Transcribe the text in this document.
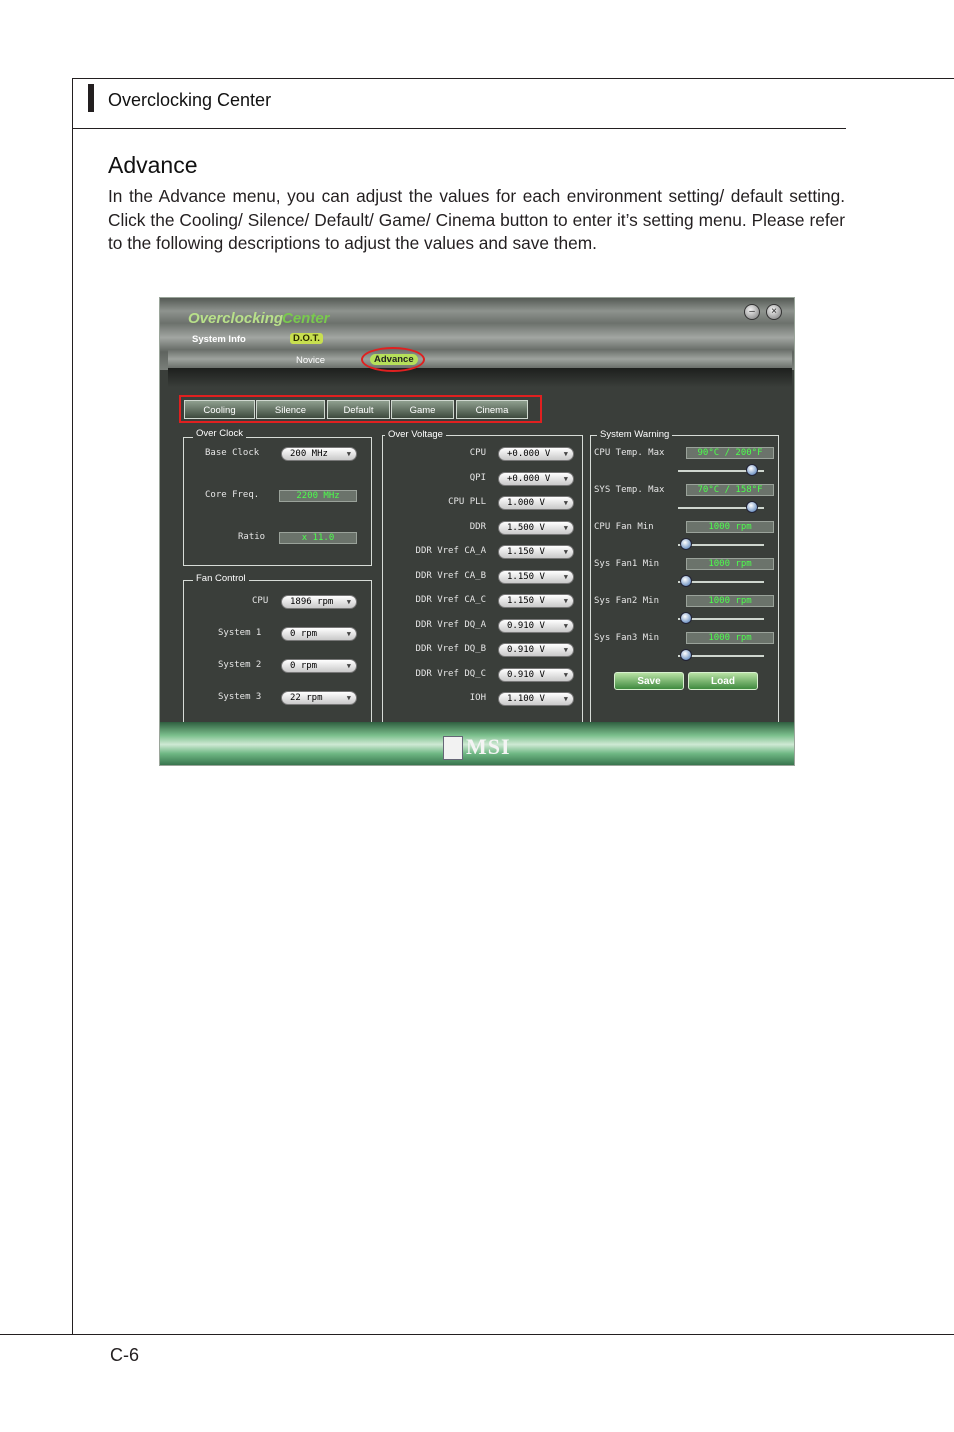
Overclocking Center
Advance
In the Advance menu, you can adjust the values for each environment setting/ default setting. Click the Cooling/ Silence/ Default/ Game/ Cinema button to enter it’s setting menu. Please refer to the following descriptions to adjust the values and save them.
Overclocking
Center
System Info	D.O.T.
Novice	Advance
–	×
Cooling	Silence	Default	Game	Cinema
Over Clock
Base Clock	200 MHz	▼
Core Freq.	2200 MHz
Ratio	x 11.0
Fan Control
CPU	1896 rpm ▼
System 1	0 rpm	▼
System 2	0 rpm	▼
System 3	22 rpm	▼
Over Voltage	System Warning
Save	Load
MSI
CPU	+0.000 V ▼
QPI	+0.000 V ▼
CPU PLL	1.000 V	▼
DDR	1.500 V	▼
DDR Vref CA_A	1.150 V	▼
DDR Vref CA_B	1.150 V	▼
DDR Vref CA_C	1.150 V	▼
DDR Vref DQ_A	0.910 V	▼
DDR Vref DQ_B	0.910 V	▼
DDR Vref DQ_C	0.910 V	▼
IOH	1.100 V	▼
CPU Temp. Max	90°C / 200°F
SYS Temp. Max	70°C / 158°F
CPU Fan Min	1000 rpm
Sys Fan1 Min	1000 rpm
Sys Fan2 Min	1000 rpm
Sys Fan3 Min	1000 rpm
C-6
